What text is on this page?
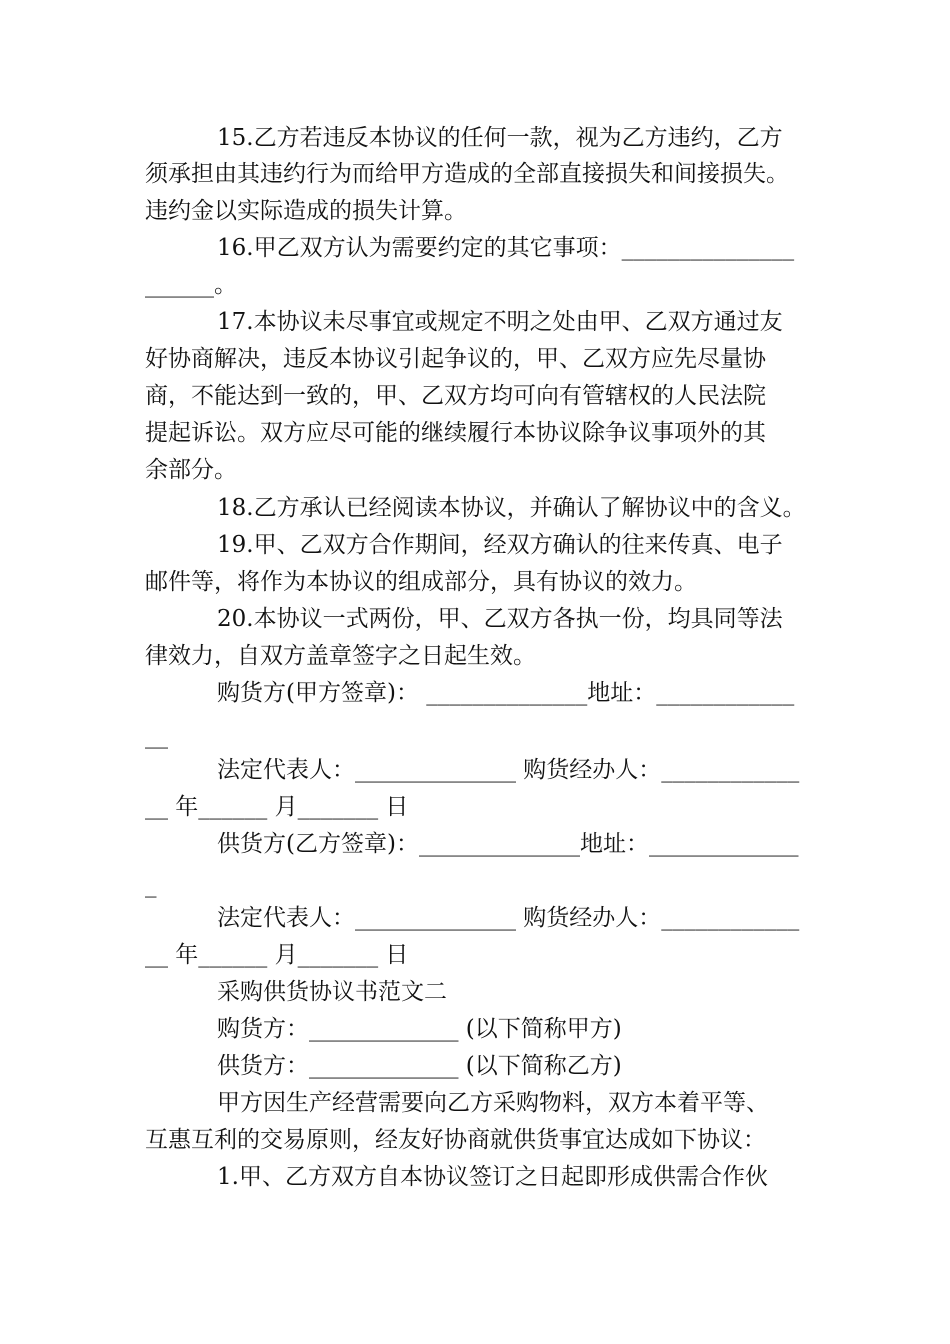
15.乙方若违反本协议的任何一款，视为乙方违约，乙方
须承担由其违约行为而给甲方造成的全部直接损失和间接损失。
违约金以实际造成的损失计算。
16.甲乙双方认为需要约定的其它事项：_______________
______。
17.本协议未尽事宜或规定不明之处由甲、乙双方通过友
好协商解决，违反本协议引起争议的，甲、乙双方应先尽量协
商，不能达到一致的，甲、乙双方均可向有管辖权的人民法院
提起诉讼。双方应尽可能的继续履行本协议除争议事项外的其
余部分。
18.乙方承认已经阅读本协议，并确认了解协议中的含义。
19.甲、乙双方合作期间，经双方确认的往来传真、电子
邮件等，将作为本协议的组成部分，具有协议的效力。
20.本协议一式两份，甲、乙双方各执一份，均具同等法
律效力，自双方盖章签字之日起生效。
购货方(甲方签章)： ______________地址：____________
__
法定代表人：______________ 购货经办人：____________
__ 年______ 月_______ 日
供货方(乙方签章)：______________地址：_____________
_
法定代表人：______________ 购货经办人：____________
__ 年______ 月_______ 日
采购供货协议书范文二
购货方：_____________ (以下简称甲方)
供货方：_____________ (以下简称乙方)
甲方因生产经营需要向乙方采购物料，双方本着平等、
互惠互利的交易原则，经友好协商就供货事宜达成如下协议：
1.甲、乙方双方自本协议签订之日起即形成供需合作伙
